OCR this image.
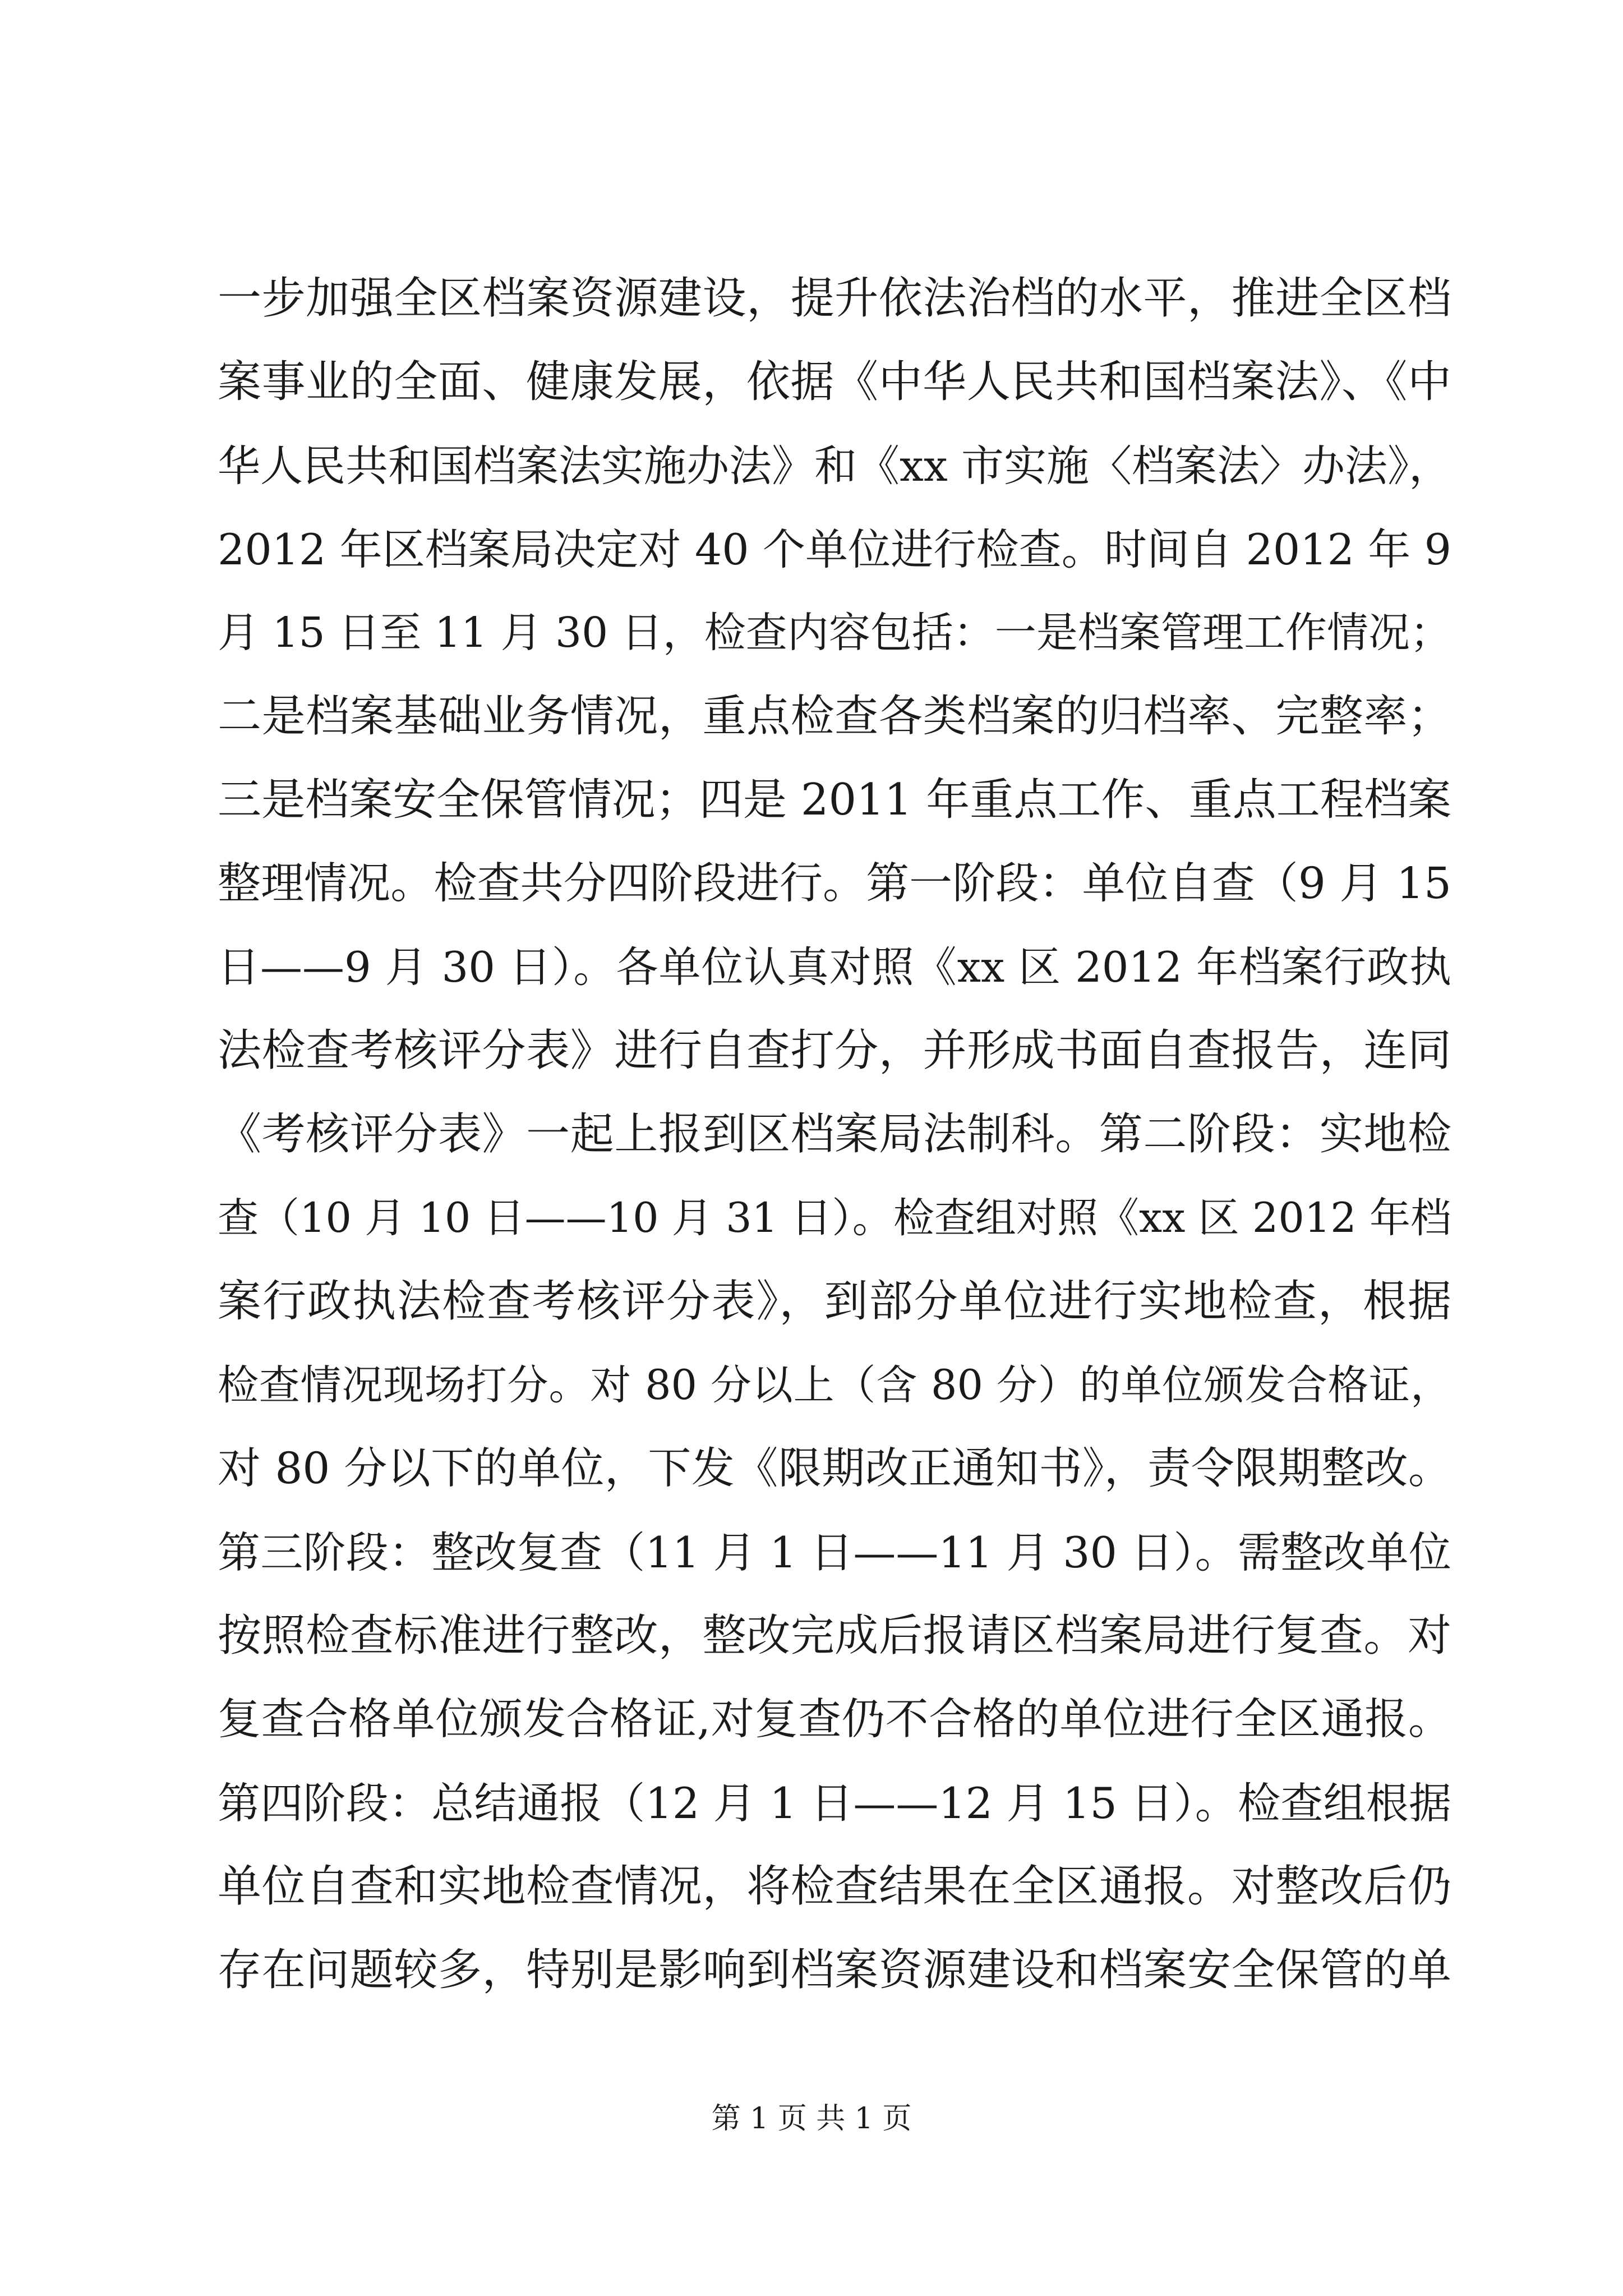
一步加强全区档案资源建设，提升依法治档的水平，推进全区档
案事业的全面、健康发展，依据《中华人民共和国档案法》、《中
华人民共和国档案法实施办法》和《xx 市实施〈档案法〉办法》，
2012 年区档案局决定对 40 个单位进行检查。时间自 2012 年 9
月 15 日至 11 月 30 日，检查内容包括：一是档案管理工作情况；
二是档案基础业务情况，重点检查各类档案的归档率、完整率；
三是档案安全保管情况；四是 2011 年重点工作、重点工程档案
整理情况。检查共分四阶段进行。第一阶段：单位自查（9 月 15
日——9 月 30 日）。各单位认真对照《xx 区 2012 年档案行政执
法检查考核评分表》进行自查打分，并形成书面自查报告，连同
《考核评分表》一起上报到区档案局法制科。第二阶段：实地检
查（10 月 10 日——10 月 31 日）。检查组对照《xx 区 2012 年档
案行政执法检查考核评分表》，到部分单位进行实地检查，根据
检查情况现场打分。对 80 分以上（含 80 分）的单位颁发合格证，
对 80 分以下的单位，下发《限期改正通知书》，责令限期整改。
第三阶段：整改复查（11 月 1 日——11 月 30 日）。需整改单位
按照检查标准进行整改，整改完成后报请区档案局进行复查。对
复查合格单位颁发合格证,对复查仍不合格的单位进行全区通报。
第四阶段：总结通报（12 月 1 日——12 月 15 日）。检查组根据
单位自查和实地检查情况，将检查结果在全区通报。对整改后仍
存在问题较多，特别是影响到档案资源建设和档案安全保管的单
第 1 页 共 1 页
